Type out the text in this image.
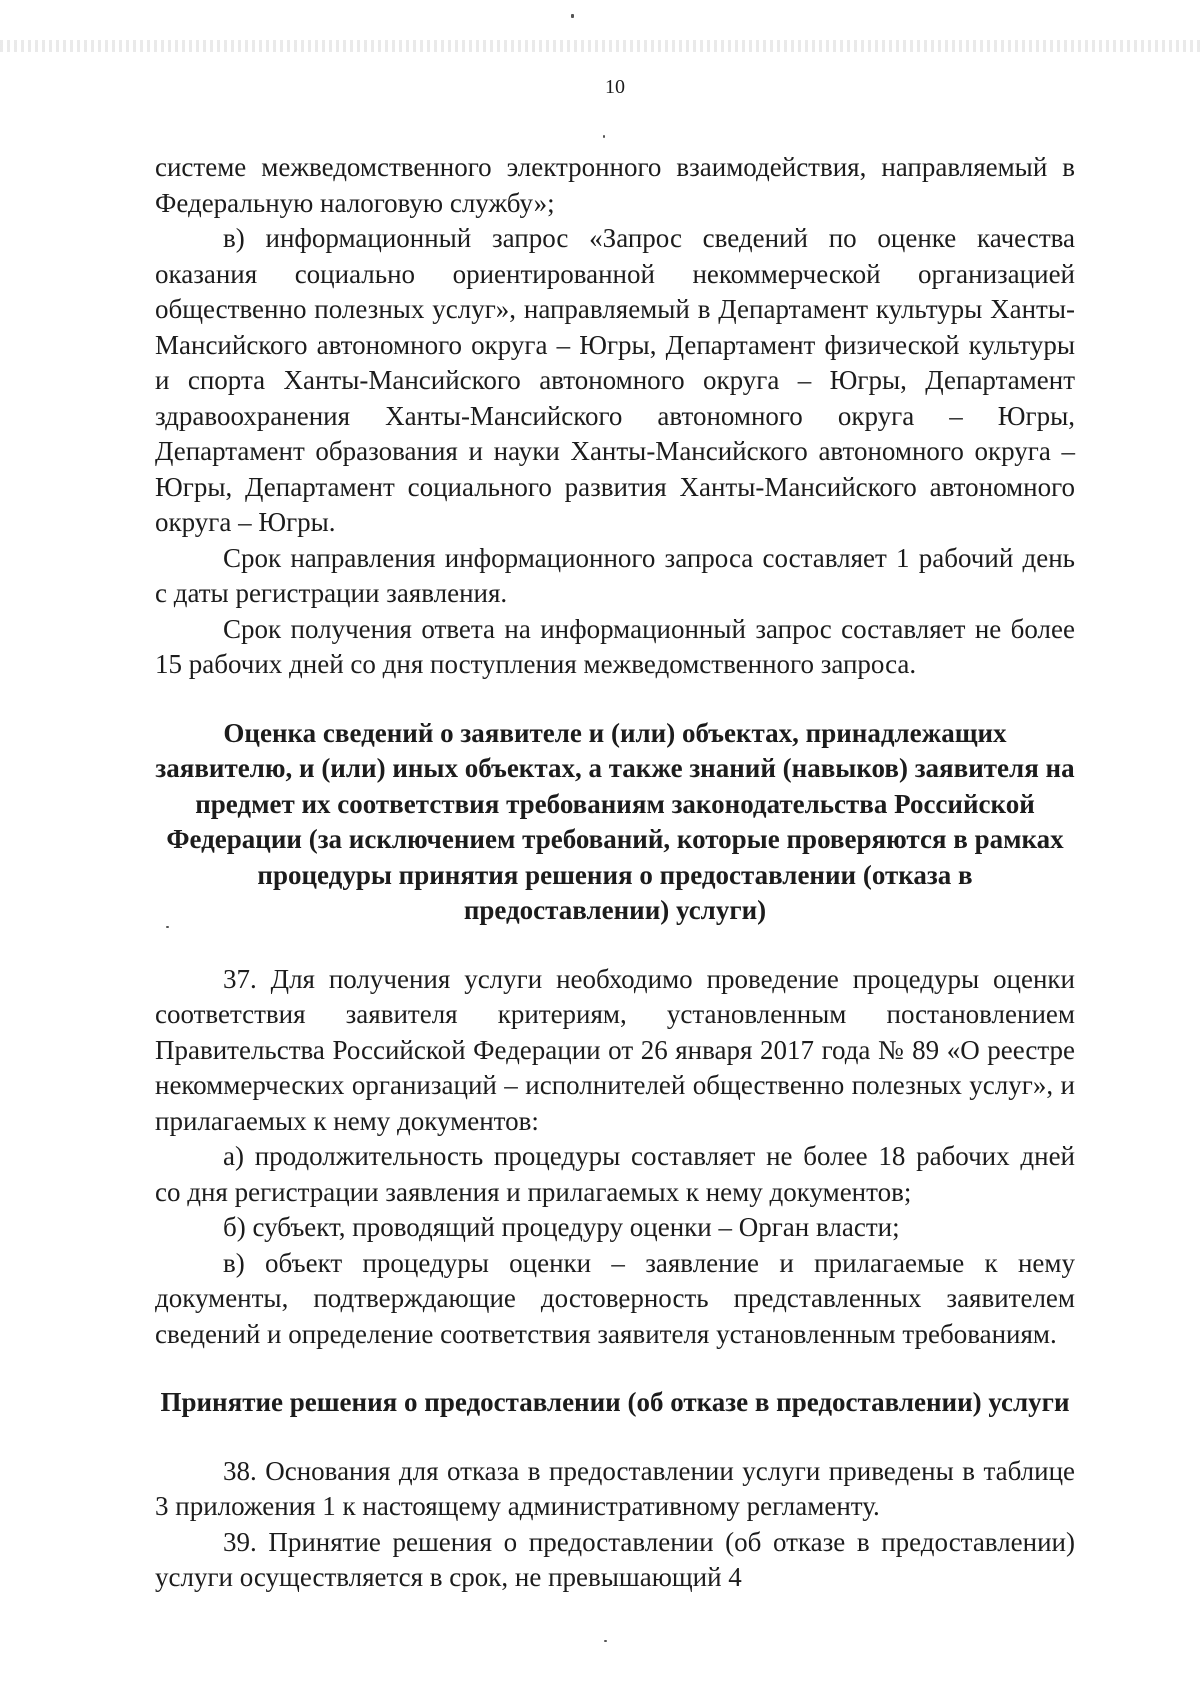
10

системе межведомственного электронного взаимодействия, направляемый в Федеральную налоговую службу»;

в) информационный запрос «Запрос сведений по оценке качества оказания социально ориентированной некоммерческой организацией общественно полезных услуг», направляемый в Департамент культуры Ханты-Мансийского автономного округа – Югры, Департамент физической культуры и спорта Ханты-Мансийского автономного округа – Югры, Департамент здравоохранения Ханты-Мансийского автономного округа – Югры, Департамент образования и науки Ханты-Мансийского автономного округа – Югры, Департамент социального развития Ханты-Мансийского автономного округа – Югры.

Срок направления информационного запроса составляет 1 рабочий день с даты регистрации заявления.

Срок получения ответа на информационный запрос составляет не более 15 рабочих дней со дня поступления межведомственного запроса.

Оценка сведений о заявителе и (или) объектах, принадлежащих заявителю, и (или) иных объектах, а также знаний (навыков) заявителя на предмет их соответствия требованиям законодательства Российской Федерации (за исключением требований, которые проверяются в рамках процедуры принятия решения о предоставлении (отказа в предоставлении) услуги)

37. Для получения услуги необходимо проведение процедуры оценки соответствия заявителя критериям, установленным постановлением Правительства Российской Федерации от 26 января 2017 года № 89 «О реестре некоммерческих организаций – исполнителей общественно полезных услуг», и прилагаемых к нему документов:

а) продолжительность процедуры составляет не более 18 рабочих дней со дня регистрации заявления и прилагаемых к нему документов;

б) субъект, проводящий процедуру оценки – Орган власти;

в) объект процедуры оценки – заявление и прилагаемые к нему документы, подтверждающие достоверность представленных заявителем сведений и определение соответствия заявителя установленным требованиям.

Принятие решения о предоставлении (об отказе в предоставлении) услуги

38. Основания для отказа в предоставлении услуги приведены в таблице 3 приложения 1 к настоящему административному регламенту.

39. Принятие решения о предоставлении (об отказе в предоставлении) услуги осуществляется в срок, не превышающий 4
